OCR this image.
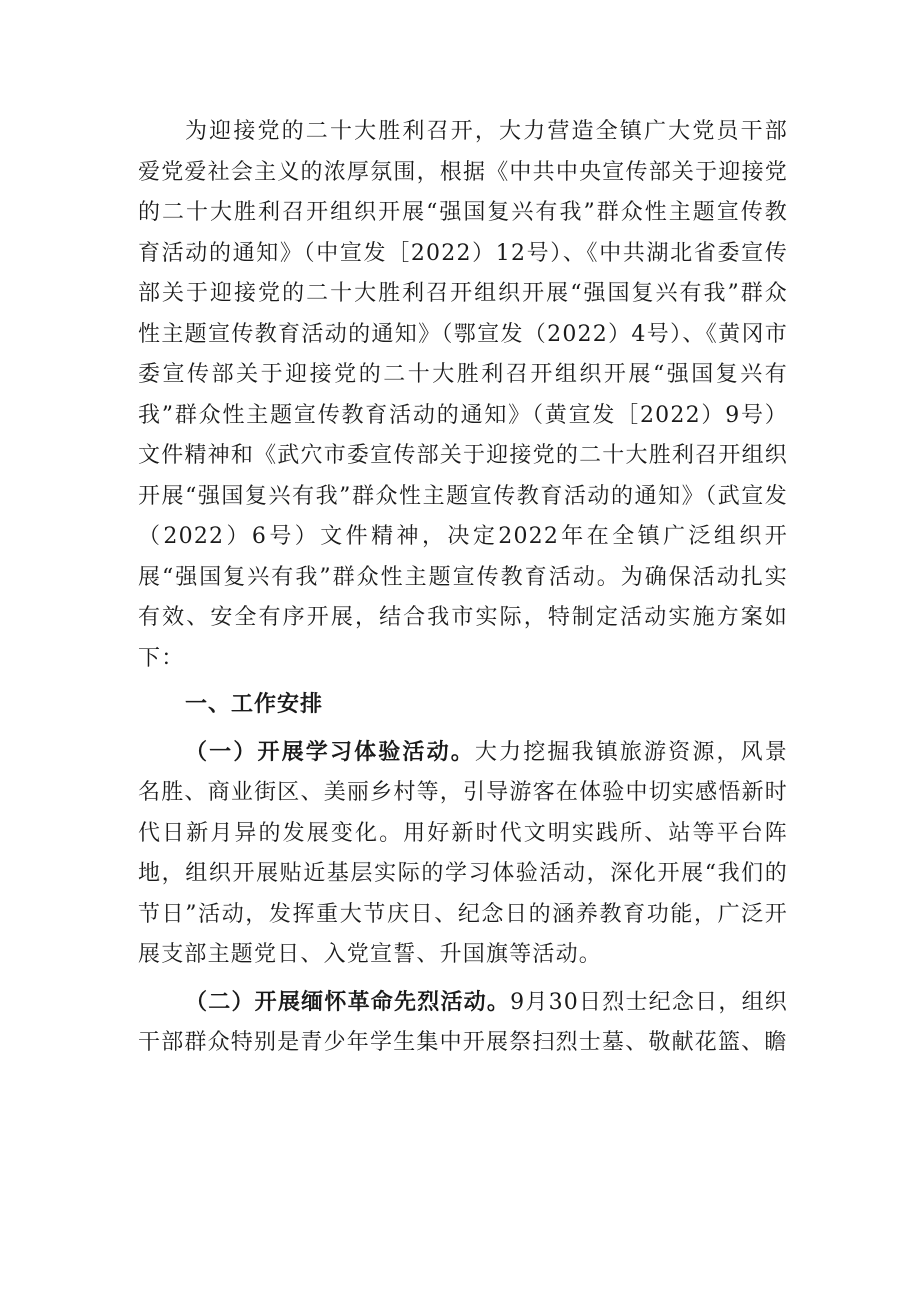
为迎接党的二十大胜利召开，大力营造全镇广大党员干部爱党爱社会主义的浓厚氛围，根据《中共中央宣传部关于迎接党的二十大胜利召开组织开展“强国复兴有我”群众性主题宣传教育活动的通知》（中宣发［2022）12号）、《中共湖北省委宣传部关于迎接党的二十大胜利召开组织开展“强国复兴有我”群众性主题宣传教育活动的通知》（鄂宣发（2022）4号）、《黄冈市委宣传部关于迎接党的二十大胜利召开组织开展“强国复兴有我”群众性主题宣传教育活动的通知》（黄宣发［2022）9号）文件精神和《武穴市委宣传部关于迎接党的二十大胜利召开组织开展“强国复兴有我”群众性主题宣传教育活动的通知》（武宣发（2022）6号）文件精神，决定2022年在全镇广泛组织开展“强国复兴有我”群众性主题宣传教育活动。为确保活动扎实有效、安全有序开展，结合我市实际，特制定活动实施方案如下：

一、工作安排

（一）开展学习体验活动。大力挖掘我镇旅游资源，风景名胜、商业街区、美丽乡村等，引导游客在体验中切实感悟新时代日新月异的发展变化。用好新时代文明实践所、站等平台阵地，组织开展贴近基层实际的学习体验活动，深化开展“我们的节日”活动，发挥重大节庆日、纪念日的涵养教育功能，广泛开展支部主题党日、入党宣誓、升国旗等活动。

（二）开展缅怀革命先烈活动。9月30日烈士纪念日，组织干部群众特别是青少年学生集中开展祭扫烈士墓、敬献花篮、瞻
